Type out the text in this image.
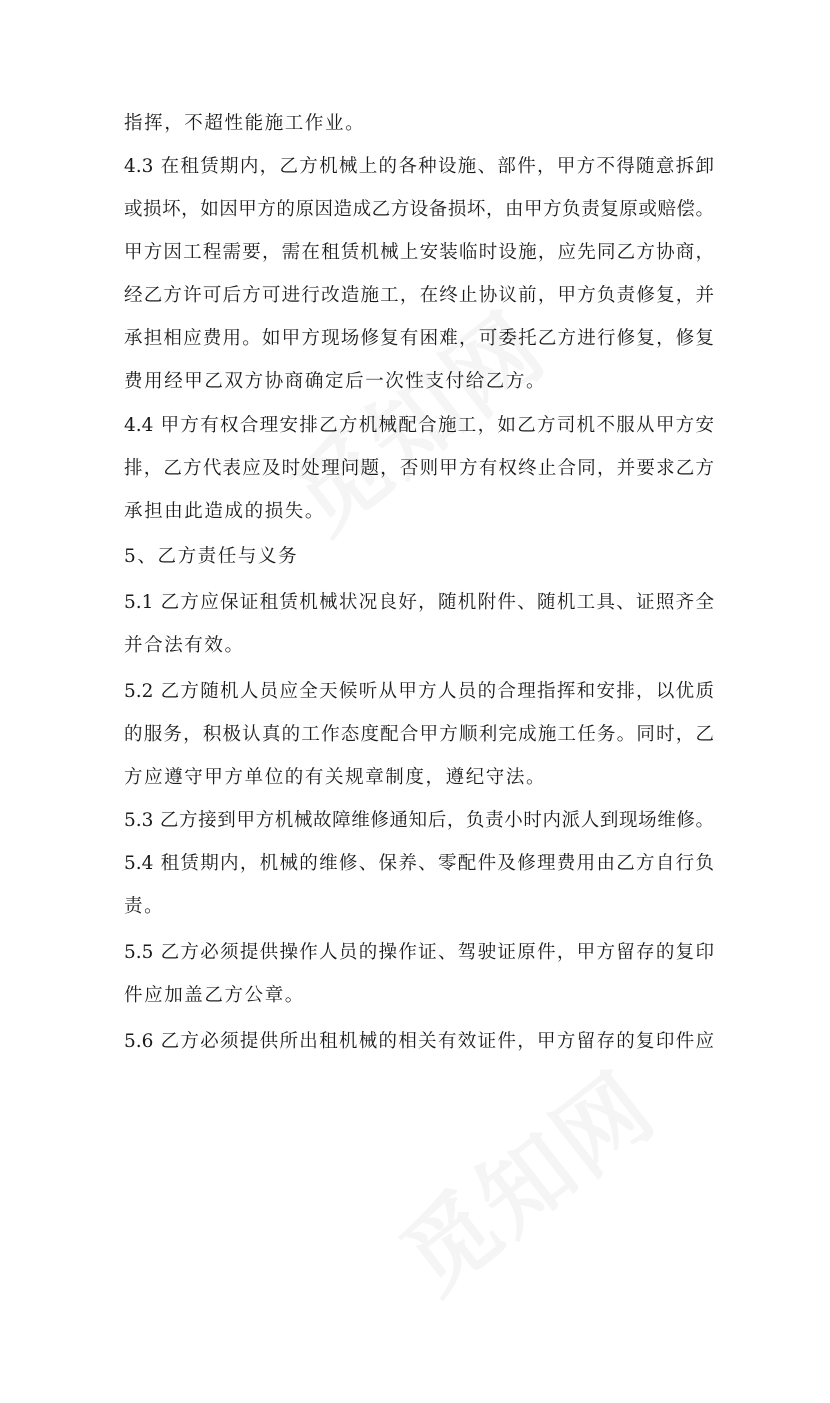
指挥，不超性能施工作业。
4.3 在租赁期内，乙方机械上的各种设施、部件，甲方不得随意拆卸
或损坏，如因甲方的原因造成乙方设备损坏，由甲方负责复原或赔偿。
甲方因工程需要，需在租赁机械上安装临时设施，应先同乙方协商，
经乙方许可后方可进行改造施工，在终止协议前，甲方负责修复，并
承担相应费用。如甲方现场修复有困难，可委托乙方进行修复，修复
费用经甲乙双方协商确定后一次性支付给乙方。
4.4 甲方有权合理安排乙方机械配合施工，如乙方司机不服从甲方安
排，乙方代表应及时处理问题，否则甲方有权终止合同，并要求乙方
承担由此造成的损失。
5、乙方责任与义务
5.1 乙方应保证租赁机械状况良好，随机附件、随机工具、证照齐全
并合法有效。
5.2 乙方随机人员应全天候听从甲方人员的合理指挥和安排，以优质
的服务，积极认真的工作态度配合甲方顺利完成施工任务。同时，乙
方应遵守甲方单位的有关规章制度，遵纪守法。
5.3 乙方接到甲方机械故障维修通知后，负责小时内派人到现场维修。
5.4 租赁期内，机械的维修、保养、零配件及修理费用由乙方自行负
责。
5.5 乙方必须提供操作人员的操作证、驾驶证原件，甲方留存的复印
件应加盖乙方公章。
5.6 乙方必须提供所出租机械的相关有效证件，甲方留存的复印件应
